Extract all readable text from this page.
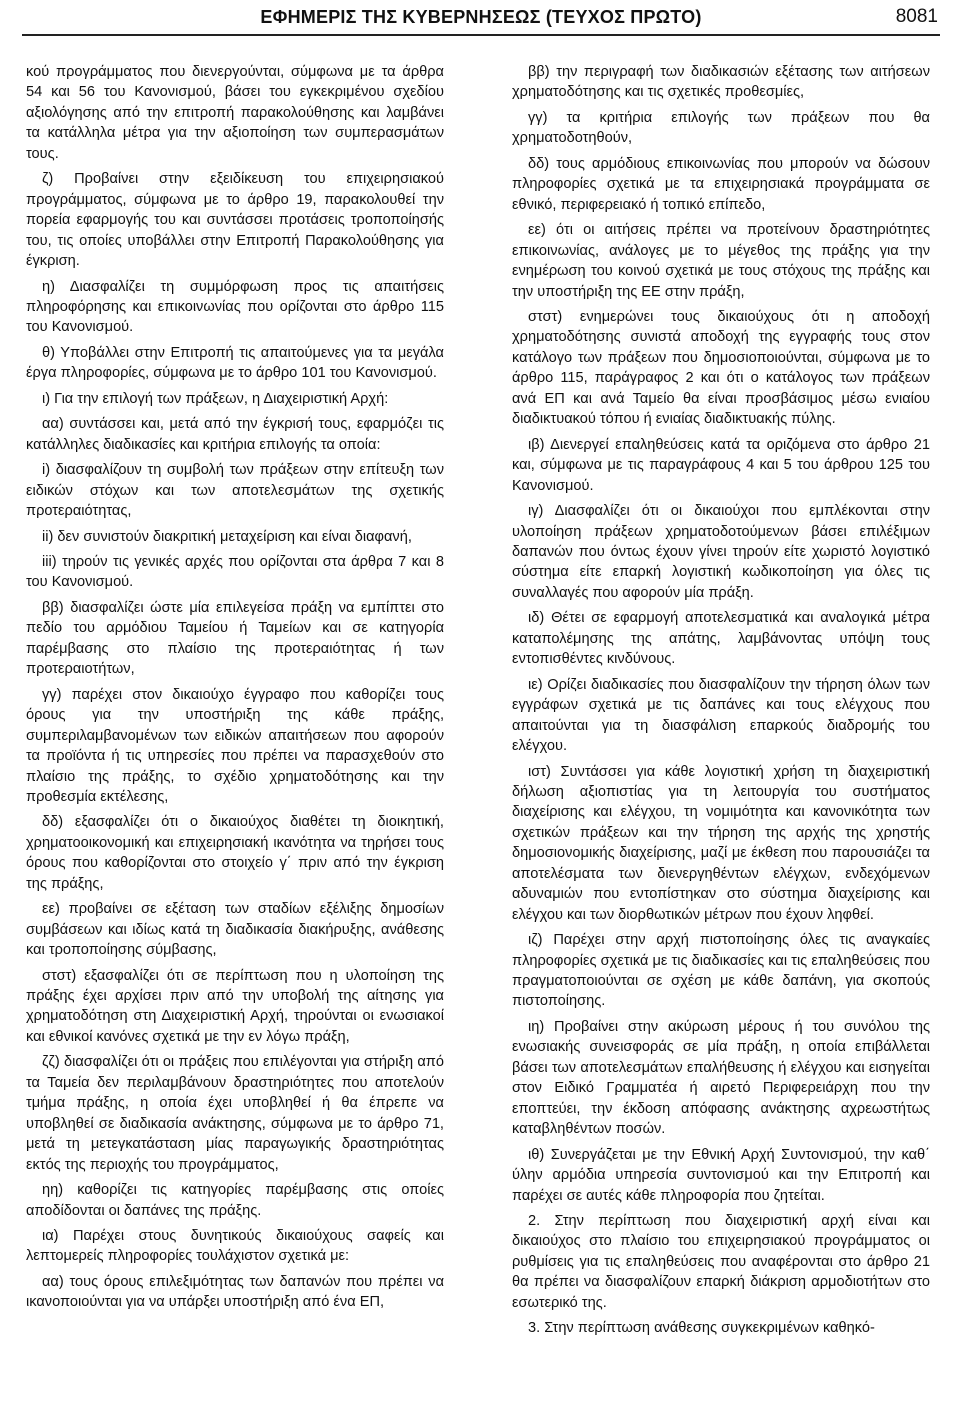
ΕΦΗΜΕΡΙΣ ΤΗΣ ΚΥΒΕΡΝΗΣΕΩΣ (ΤΕΥΧΟΣ ΠΡΩΤΟ)	8081

κού προγράμματος που διενεργούνται, σύμφωνα με τα άρθρα 54 και 56 του Κανονισμού, βάσει του εγκεκριμένου σχεδίου αξιολόγησης από την επιτροπή παρακολούθησης και λαμβάνει τα κατάλληλα μέτρα για την αξιοποίηση των συμπερασμάτων τους.

ζ) Προβαίνει στην εξειδίκευση του επιχειρησιακού προγράμματος, σύμφωνα με το άρθρο 19, παρακολουθεί την πορεία εφαρμογής του και συντάσσει προτάσεις τροποποίησής του, τις οποίες υποβάλλει στην Επιτροπή Παρακολούθησης για έγκριση.

η) Διασφαλίζει τη συμμόρφωση προς τις απαιτήσεις πληροφόρησης και επικοινωνίας που ορίζονται στο άρθρο 115 του Κανονισμού.

θ) Υποβάλλει στην Επιτροπή τις απαιτούμενες για τα μεγάλα έργα πληροφορίες, σύμφωνα με το άρθρο 101 του Κανονισμού.

ι) Για την επιλογή των πράξεων, η Διαχειριστική Αρχή:

αα) συντάσσει και, μετά από την έγκρισή τους, εφαρμόζει τις κατάλληλες διαδικασίες και κριτήρια επιλογής τα οποία:

i) διασφαλίζουν τη συμβολή των πράξεων στην επίτευξη των ειδικών στόχων και των αποτελεσμάτων της σχετικής προτεραιότητας,

ii) δεν συνιστούν διακριτική μεταχείριση και είναι διαφανή,

iii) τηρούν τις γενικές αρχές που ορίζονται στα άρθρα 7 και 8 του Κανονισμού.

ββ) διασφαλίζει ώστε μία επιλεγείσα πράξη να εμπίπτει στο πεδίο του αρμόδιου Ταμείου ή Ταμείων και σε κατηγορία παρέμβασης στο πλαίσιο της προτεραιότητας ή των προτεραιοτήτων,

γγ) παρέχει στον δικαιούχο έγγραφο που καθορίζει τους όρους για την υποστήριξη της κάθε πράξης, συμπεριλαμβανομένων των ειδικών απαιτήσεων που αφορούν τα προϊόντα ή τις υπηρεσίες που πρέπει να παρασχεθούν στο πλαίσιο της πράξης, το σχέδιο χρηματοδότησης και την προθεσμία εκτέλεσης,

δδ) εξασφαλίζει ότι ο δικαιούχος διαθέτει τη διοικητική, χρηματοοικονομική και επιχειρησιακή ικανότητα να τηρήσει τους όρους που καθορίζονται στο στοιχείο γ΄ πριν από την έγκριση της πράξης,

εε) προβαίνει σε εξέταση των σταδίων εξέλιξης δημοσίων συμβάσεων και ιδίως κατά τη διαδικασία διακήρυξης, ανάθεσης και τροποποίησης σύμβασης,

στστ) εξασφαλίζει ότι σε περίπτωση που η υλοποίηση της πράξης έχει αρχίσει πριν από την υποβολή της αίτησης για χρηματοδότηση στη Διαχειριστική Αρχή, τηρούνται οι ενωσιακοί και εθνικοί κανόνες σχετικά με την εν λόγω πράξη,

ζζ) διασφαλίζει ότι οι πράξεις που επιλέγονται για στήριξη από τα Ταμεία δεν περιλαμβάνουν δραστηριότητες που αποτελούν τμήμα πράξης, η οποία έχει υποβληθεί ή θα έπρεπε να υποβληθεί σε διαδικασία ανάκτησης, σύμφωνα με το άρθρο 71, μετά τη μετεγκατάσταση μίας παραγωγικής δραστηριότητας εκτός της περιοχής του προγράμματος,

ηη) καθορίζει τις κατηγορίες παρέμβασης στις οποίες αποδίδονται οι δαπάνες της πράξης.

ια) Παρέχει στους δυνητικούς δικαιούχους σαφείς και λεπτομερείς πληροφορίες τουλάχιστον σχετικά με:

αα) τους όρους επιλεξιμότητας των δαπανών που πρέπει να ικανοποιούνται για να υπάρξει υποστήριξη από ένα ΕΠ,

ββ) την περιγραφή των διαδικασιών εξέτασης των αιτήσεων χρηματοδότησης και τις σχετικές προθεσμίες,

γγ) τα κριτήρια επιλογής των πράξεων που θα χρηματοδοτηθούν,

δδ) τους αρμόδιους επικοινωνίας που μπορούν να δώσουν πληροφορίες σχετικά με τα επιχειρησιακά προγράμματα σε εθνικό, περιφερειακό ή τοπικό επίπεδο,

εε) ότι οι αιτήσεις πρέπει να προτείνουν δραστηριότητες επικοινωνίας, ανάλογες με το μέγεθος της πράξης για την ενημέρωση του κοινού σχετικά με τους στόχους της πράξης και την υποστήριξη της ΕΕ στην πράξη,

στστ) ενημερώνει τους δικαιούχους ότι η αποδοχή χρηματοδότησης συνιστά αποδοχή της εγγραφής τους στον κατάλογο των πράξεων που δημοσιοποιούνται, σύμφωνα με το άρθρο 115, παράγραφος 2 και ότι ο κατάλογος των πράξεων ανά ΕΠ και ανά Ταμείο θα είναι προσβάσιμος μέσω ενιαίου διαδικτυακού τόπου ή ενιαίας διαδικτυακής πύλης.

ιβ) Διενεργεί επαληθεύσεις κατά τα οριζόμενα στο άρθρο 21 και, σύμφωνα με τις παραγράφους 4 και 5 του άρθρου 125 του Κανονισμού.

ιγ) Διασφαλίζει ότι οι δικαιούχοι που εμπλέκονται στην υλοποίηση πράξεων χρηματοδοτούμενων βάσει επιλέξιμων δαπανών που όντως έχουν γίνει τηρούν είτε χωριστό λογιστικό σύστημα είτε επαρκή λογιστική κωδικοποίηση για όλες τις συναλλαγές που αφορούν μία πράξη.

ιδ) Θέτει σε εφαρμογή αποτελεσματικά και αναλογικά μέτρα καταπολέμησης της απάτης, λαμβάνοντας υπόψη τους εντοπισθέντες κινδύνους.

ιε) Ορίζει διαδικασίες που διασφαλίζουν την τήρηση όλων των εγγράφων σχετικά με τις δαπάνες και τους ελέγχους που απαιτούνται για τη διασφάλιση επαρκούς διαδρομής του ελέγχου.

ιστ) Συντάσσει για κάθε λογιστική χρήση τη διαχειριστική δήλωση αξιοπιστίας για τη λειτουργία του συστήματος διαχείρισης και ελέγχου, τη νομιμότητα και κανονικότητα των σχετικών πράξεων και την τήρηση της αρχής της χρηστής δημοσιονομικής διαχείρισης, μαζί με έκθεση που παρουσιάζει τα αποτελέσματα των διενεργηθέντων ελέγχων, ενδεχόμενων αδυναμιών που εντοπίστηκαν στο σύστημα διαχείρισης και ελέγχου και των διορθωτικών μέτρων που έχουν ληφθεί.

ιζ) Παρέχει στην αρχή πιστοποίησης όλες τις αναγκαίες πληροφορίες σχετικά με τις διαδικασίες και τις επαληθεύσεις που πραγματοποιούνται σε σχέση με κάθε δαπάνη, για σκοπούς πιστοποίησης.

ιη) Προβαίνει στην ακύρωση μέρους ή του συνόλου της ενωσιακής συνεισφοράς σε μία πράξη, η οποία επιβάλλεται βάσει των αποτελεσμάτων επαλήθευσης ή ελέγχου και εισηγείται στον Ειδικό Γραμματέα ή αιρετό Περιφερειάρχη που την εποπτεύει, την έκδοση απόφασης ανάκτησης αχρεωστήτως καταβληθέντων ποσών.

ιθ) Συνεργάζεται με την Εθνική Αρχή Συντονισμού, την καθ΄ ύλην αρμόδια υπηρεσία συντονισμού και την Επιτροπή και παρέχει σε αυτές κάθε πληροφορία που ζητείται.

2. Στην περίπτωση που διαχειριστική αρχή είναι και δικαιούχος στο πλαίσιο του επιχειρησιακού προγράμματος οι ρυθμίσεις για τις επαληθεύσεις που αναφέρονται στο άρθρο 21 θα πρέπει να διασφαλίζουν επαρκή διάκριση αρμοδιοτήτων στο εσωτερικό της.

3. Στην περίπτωση ανάθεσης συγκεκριμένων καθηκό-
